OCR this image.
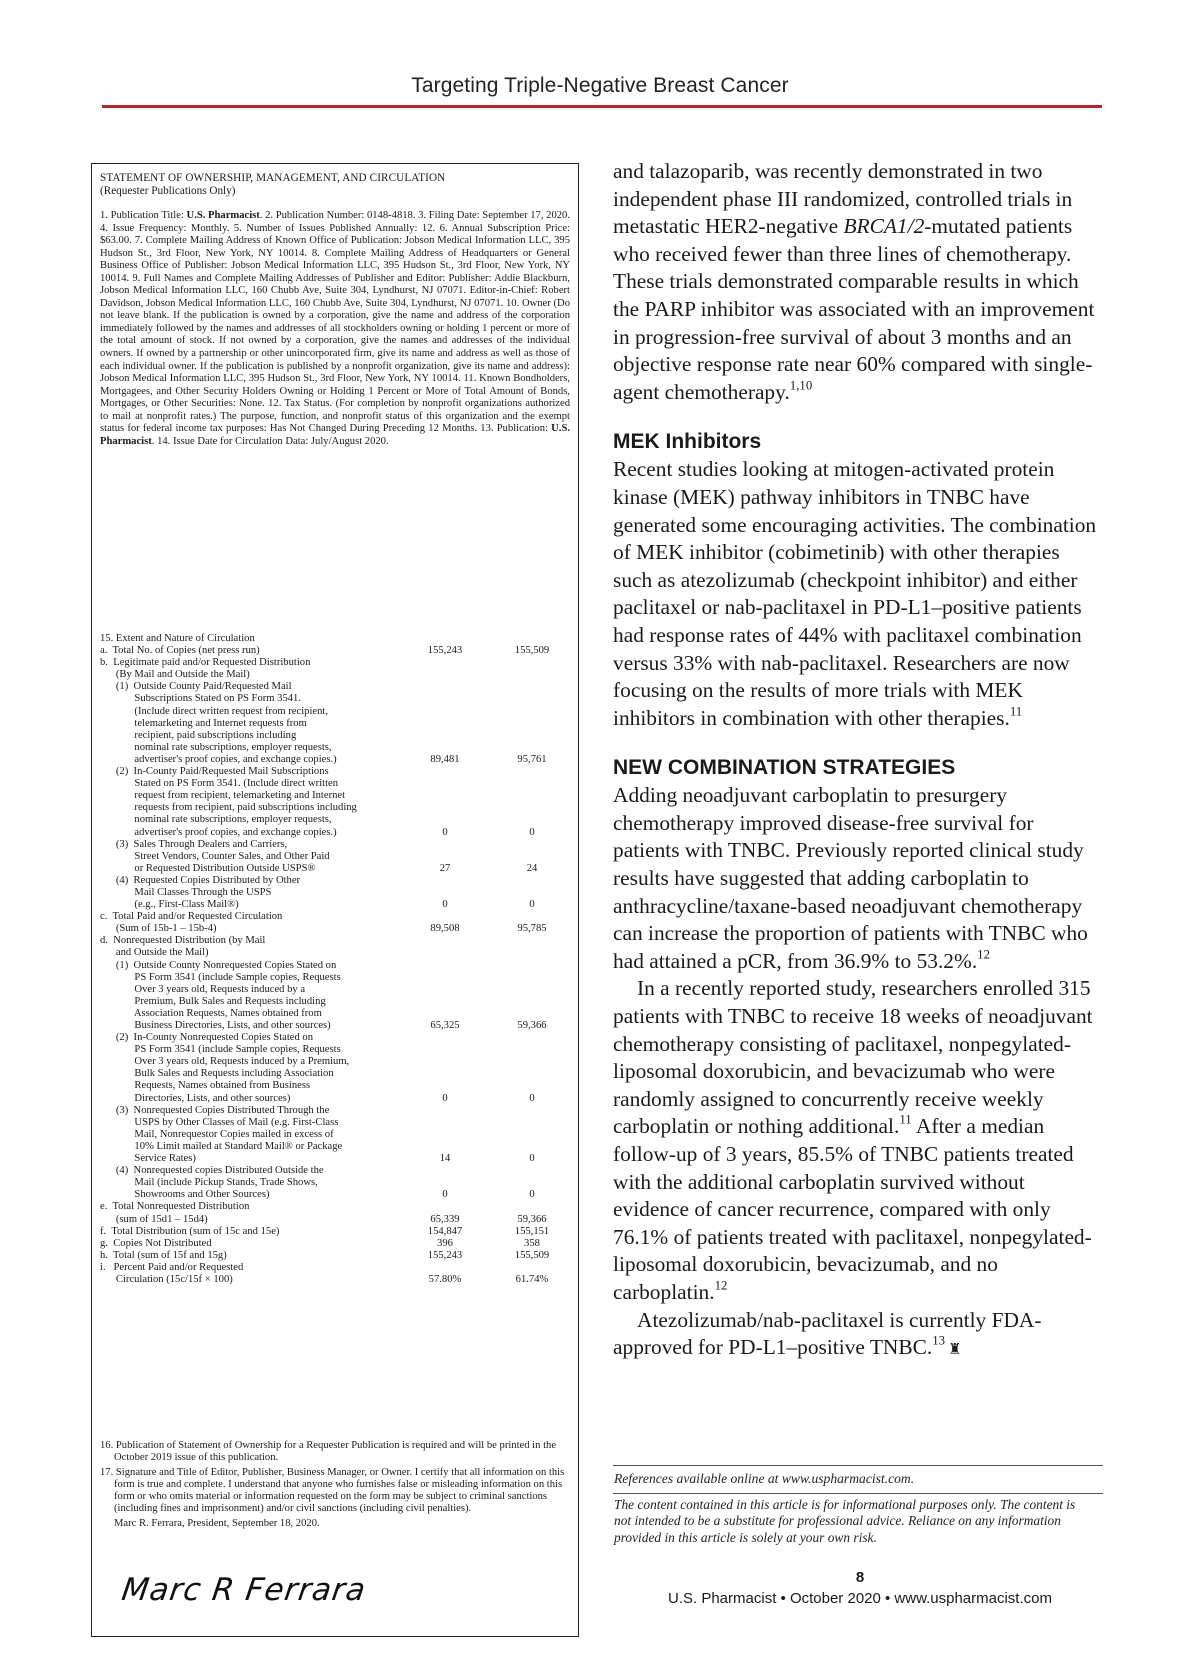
Targeting Triple-Negative Breast Cancer
STATEMENT OF OWNERSHIP, MANAGEMENT, AND CIRCULATION
(Requester Publications Only)
1. Publication Title: U.S. Pharmacist. 2. Publication Number: 0148-4818. 3. Filing Date: September 17, 2020. 4. Issue Frequency: Monthly. 5. Number of Issues Published Annually: 12. 6. Annual Subscription Price: $63.00. 7. Complete Mailing Address of Known Office of Publication: Jobson Medical Information LLC, 395 Hudson St., 3rd Floor, New York, NY 10014. 8. Complete Mailing Address of Headquarters or General Business Office of Publisher: Jobson Medical Information LLC, 395 Hudson St., 3rd Floor, New York, NY 10014. 9. Full Names and Complete Mailing Addresses of Publisher and Editor: Publisher: Addie Blackburn, Jobson Medical Information LLC, 160 Chubb Ave, Suite 304, Lyndhurst, NJ 07071. Editor-in-Chief: Robert Davidson, Jobson Medical Information LLC, 160 Chubb Ave, Suite 304, Lyndhurst, NJ 07071. 10. Owner (Do not leave blank. If the publication is owned by a corporation, give the name and address of the corporation immediately followed by the names and addresses of all stockholders owning or holding 1 percent or more of the total amount of stock. If not owned by a corporation, give the names and addresses of the individual owners. If owned by a partnership or other unincorporated firm, give its name and address as well as those of each individual owner. If the publication is published by a nonprofit organization, give its name and address): Jobson Medical Information LLC, 395 Hudson St., 3rd Floor, New York, NY 10014. 11. Known Bondholders, Mortgagees, and Other Security Holders Owning or Holding 1 Percent or More of Total Amount of Bonds, Mortgages, or Other Securities: None. 12. Tax Status. (For completion by nonprofit organizations authorized to mail at nonprofit rates.) The purpose, function, and nonprofit status of this organization and the exempt status for federal income tax purposes: Has Not Changed During Preceding 12 Months. 13. Publication: U.S. Pharmacist. 14. Issue Date for Circulation Data: July/August 2020.
15. Extent and Nature of Circulation
a.  Total No. of Copies (net press run)	155,243	155,509
b.  Legitimate paid and/or Requested Distribution
(By Mail and Outside the Mail)
(1)  Outside County Paid/Requested Mail
Subscriptions Stated on PS Form 3541.
(Include direct written request from recipient,
telemarketing and Internet requests from
recipient, paid subscriptions including
nominal rate subscriptions, employer requests,
advertiser's proof copies, and exchange copies.)	89,481	95,761
(2)  In-County Paid/Requested Mail Subscriptions
Stated on PS Form 3541. (Include direct written
request from recipient, telemarketing and Internet
requests from recipient, paid subscriptions including
nominal rate subscriptions, employer requests,
advertiser's proof copies, and exchange copies.)	0	0
(3)  Sales Through Dealers and Carriers,
Street Vendors, Counter Sales, and Other Paid
or Requested Distribution Outside USPS®	27	24
(4)  Requested Copies Distributed by Other
Mail Classes Through the USPS
(e.g., First-Class Mail®)	0	0
c.  Total Paid and/or Requested Circulation
(Sum of 15b-1 – 15b-4)	89,508	95,785
d.  Nonrequested Distribution (by Mail
and Outside the Mail)
(1)  Outside County Nonrequested Copies Stated on
PS Form 3541 (include Sample copies, Requests
Over 3 years old, Requests induced by a
Premium, Bulk Sales and Requests including
Association Requests, Names obtained from
Business Directories, Lists, and other sources)	65,325	59,366
(2)  In-County Nonrequested Copies Stated on
PS Form 3541 (include Sample copies, Requests
Over 3 years old, Requests induced by a Premium,
Bulk Sales and Requests including Association
Requests, Names obtained from Business
Directories, Lists, and other sources)	0	0
(3)  Nonrequested Copies Distributed Through the
USPS by Other Classes of Mail (e.g. First-Class
Mail, Nonrequestor Copies mailed in excess of
10% Limit mailed at Standard Mail® or Package
Service Rates)	14	0
(4)  Nonrequested copies Distributed Outside the
Mail (include Pickup Stands, Trade Shows,
Showrooms and Other Sources)	0	0
e.  Total Nonrequested Distribution
(sum of 15d1 – 15d4)	65,339	59,366
f.  Total Distribution (sum of 15c and 15e)	154,847	155,151
g.  Copies Not Distributed	396	358
h.  Total (sum of 15f and 15g)	155,243	155,509
i.   Percent Paid and/or Requested
Circulation (15c/15f × 100)	57.80%	61.74%

16. Publication of Statement of Ownership for a Requester Publication is required and will be printed in the October 2019 issue of this publication.

17. Signature and Title of Editor, Publisher, Business Manager, or Owner. I certify that all information on this form is true and complete. I understand that anyone who furnishes false or misleading information on this form or who omits material or information requested on the form may be subject to criminal sanctions (including fines and imprisonment) and/or civil sanctions (including civil penalties).

Marc R. Ferrara, President, September 18, 2020.
Marc R Ferrara

and talazoparib, was recently demonstrated in two independent phase III randomized, controlled trials in metastatic HER2-negative BRCA1/2-mutated patients who received fewer than three lines of chemotherapy. These trials demonstrated comparable results in which the PARP inhibitor was associated with an improvement in progression-free survival of about 3 months and an objective response rate near 60% compared with single-agent chemotherapy.$^{1,10}$

MEK Inhibitors

Recent studies looking at mitogen-activated protein kinase (MEK) pathway inhibitors in TNBC have generated some encouraging activities. The combination of MEK inhibitor (cobimetinib) with other therapies such as atezolizumab (checkpoint inhibitor) and either paclitaxel or nab-paclitaxel in PD-L1–positive patients had response rates of 44% with paclitaxel combination versus 33% with nab-paclitaxel. Researchers are now focusing on the results of more trials with MEK inhibitors in combination with other therapies.$^{11}$

NEW COMBINATION STRATEGIES

Adding neoadjuvant carboplatin to presurgery chemotherapy improved disease-free survival for patients with TNBC. Previously reported clinical study results have suggested that adding carboplatin to anthracycline/taxane-based neoadjuvant chemotherapy can increase the proportion of patients with TNBC who had attained a pCR, from 36.9% to 53.2%.$^{12}$

In a recently reported study, researchers enrolled 315 patients with TNBC to receive 18 weeks of neoadjuvant chemotherapy consisting of paclitaxel, nonpegylated-liposomal doxorubicin, and bevacizumab who were randomly assigned to concurrently receive weekly carboplatin or nothing additional.$^{11}$ After a median follow-up of 3 years, 85.5% of TNBC patients treated with the additional carboplatin survived without evidence of cancer recurrence, compared with only 76.1% of patients treated with paclitaxel, nonpegylated-liposomal doxorubicin, bevacizumab, and no carboplatin.$^{12}$

Atezolizumab/nab-paclitaxel is currently FDA-approved for PD-L1–positive TNBC.$^{13}$♜

References available online at www.uspharmacist.com.
The content contained in this article is for informational purposes only. The content is not intended to be a substitute for professional advice. Reliance on any information provided in this article is solely at your own risk.
8
U.S. Pharmacist • October 2020 • www.uspharmacist.com
